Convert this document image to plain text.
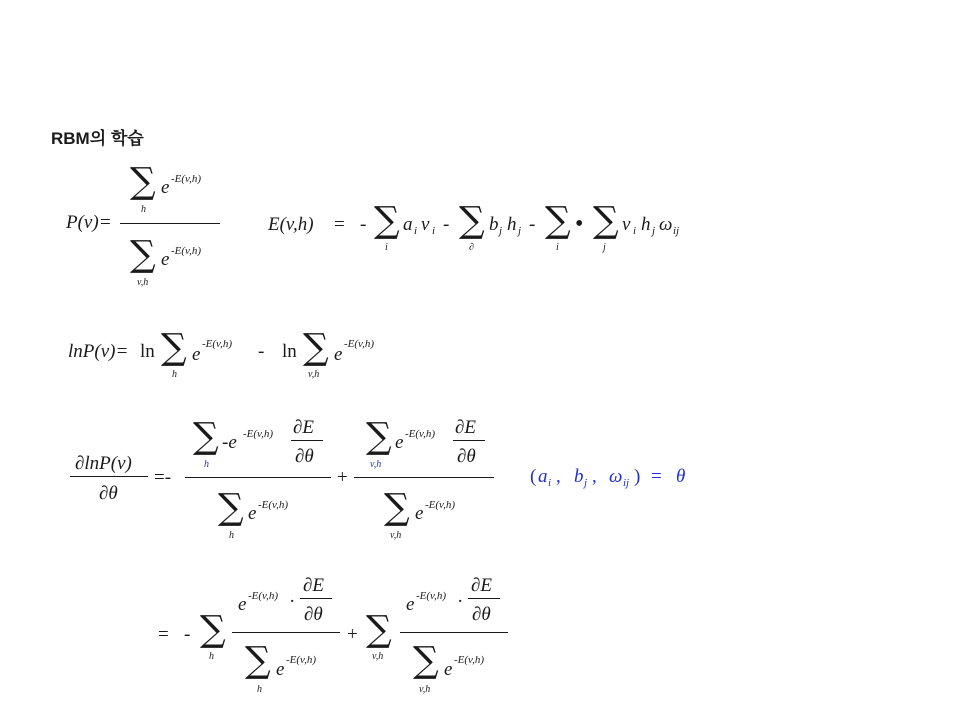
RBM의 학습
P(v)=
∑
h
e -E(v,h)
∑
v,h
e -E(v,h)
E(v,h) = - ∑
i
a i v i - ∑
∂
b j h j - ∑
i
• ∑
j
v i h j ω ij
lnP(v)= ln ∑
h
e -E(v,h) - ln ∑
v,h
e -E(v,h)
∂lnP(v)
∂θ
=-
∑
h
-e -E(v,h) ∂E
∂θ
∑
h
e -E(v,h)
+
∑
v,h
e -E(v,h) ∂E
∂θ
∑
v,h
e -E(v,h)
( a i , b j , ω ij ) = θ
= - ∑
h
e -E(v,h) ·
∂E
∂θ
∑
h
e -E(v,h)
+ ∑
v,h
e -E(v,h) ·
∂E
∂θ
∑
v,h
e -E(v,h)
